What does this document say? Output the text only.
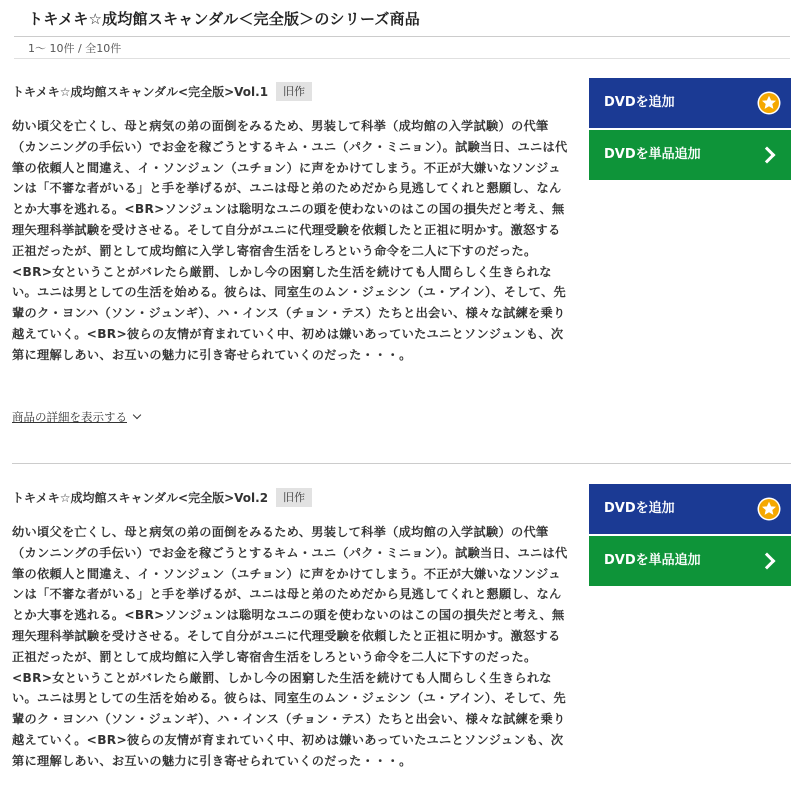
トキメキ☆成均館スキャンダル＜完全版＞のシリーズ商品
1～ 10件 / 全10件
トキメキ☆成均館スキャンダル<完全版>Vol.1 旧作

幼い頃父を亡くし、母と病気の弟の面倒をみるため、男装して科挙（成均館の入学試験）の代筆（カンニングの手伝い）でお金を稼ごうとするキム・ユニ（パク・ミニョン）。試験当日、ユニは代筆の依頼人と間違え、イ・ソンジュン（ユチョン）に声をかけてしまう。不正が大嫌いなソンジュンは「不審な者がいる」と手を挙げるが、ユニは母と弟のためだから見逃してくれと懇願し、なんとか大事を逃れる。<BR>ソンジュンは聡明なユニの頭を使わないのはこの国の損失だと考え、無理矢理科挙試験を受けさせる。そして自分がユニに代理受験を依頼したと正祖に明かす。激怒する正祖だったが、罰として成均館に入学し寄宿舎生活をしろという命令を二人に下すのだった。<BR>女ということがバレたら厳罰、しかし今の困窮した生活を続けても人間らしく生きられない。ユニは男としての生活を始める。彼らは、同室生のムン・ジェシン（ユ・アイン）、そして、先輩のク・ヨンハ（ソン・ジュンギ）、ハ・インス（チョン・テス）たちと出会い、様々な試練を乗り越えていく。<BR>彼らの友情が育まれていく中、初めは嫌いあっていたユニとソンジュンも、次第に理解しあい、お互いの魅力に引き寄せられていくのだった・・・。

商品の詳細を表示する
DVDを追加
DVDを単品追加
トキメキ☆成均館スキャンダル<完全版>Vol.2 旧作

幼い頃父を亡くし、母と病気の弟の面倒をみるため、男装して科挙（成均館の入学試験）の代筆（カンニングの手伝い）でお金を稼ごうとするキム・ユニ（パク・ミニョン）。試験当日、ユニは代筆の依頼人と間違え、イ・ソンジュン（ユチョン）に声をかけてしまう。不正が大嫌いなソンジュンは「不審な者がいる」と手を挙げるが、ユニは母と弟のためだから見逃してくれと懇願し、なんとか大事を逃れる。<BR>ソンジュンは聡明なユニの頭を使わないのはこの国の損失だと考え、無理矢理科挙試験を受けさせる。そして自分がユニに代理受験を依頼したと正祖に明かす。激怒する正祖だったが、罰として成均館に入学し寄宿舎生活をしろという命令を二人に下すのだった。<BR>女ということがバレたら厳罰、しかし今の困窮した生活を続けても人間らしく生きられない。ユニは男としての生活を始める。彼らは、同室生のムン・ジェシン（ユ・アイン）、そして、先輩のク・ヨンハ（ソン・ジュンギ）、ハ・インス（チョン・テス）たちと出会い、様々な試練を乗り越えていく。<BR>彼らの友情が育まれていく中、初めは嫌いあっていたユニとソンジュンも、次第に理解しあい、お互いの魅力に引き寄せられていくのだった・・・。

DVDを追加
DVDを単品追加
